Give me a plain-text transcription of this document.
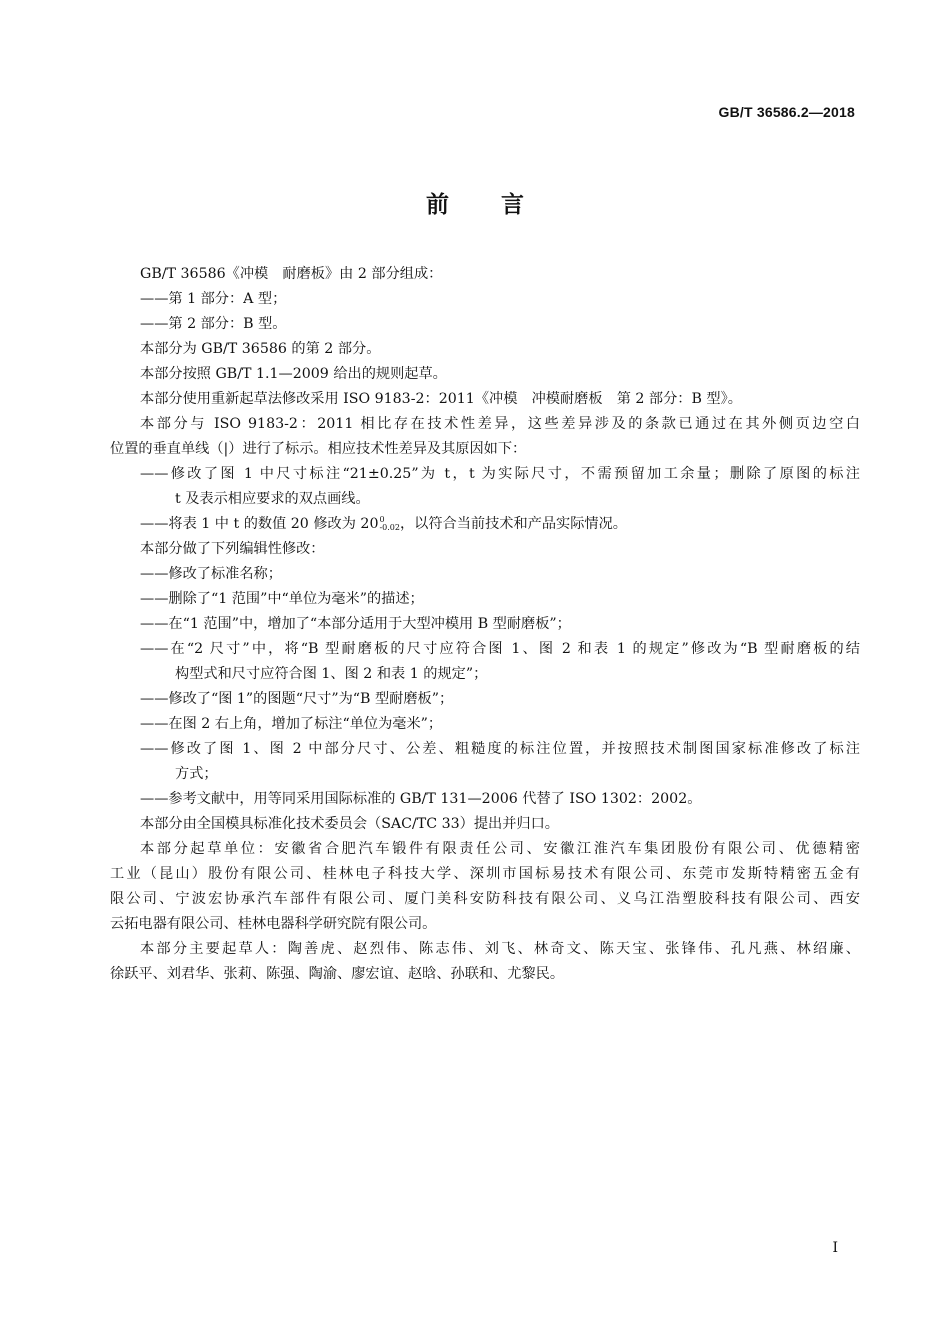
GB/T 36586.2—2018
前言
GB/T 36586《冲模　耐磨板》由 2 部分组成：
——第 1 部分：A 型；
——第 2 部分：B 型。
本部分为 GB/T 36586 的第 2 部分。
本部分按照 GB/T 1.1—2009 给出的规则起草。
本部分使用重新起草法修改采用 ISO 9183-2：2011《冲模　冲模耐磨板　第 2 部分：B 型》。
本部分与 ISO 9183-2：2011 相比存在技术性差异，这些差异涉及的条款已通过在其外侧页边空白
位置的垂直单线（|）进行了标示。相应技术性差异及其原因如下：
——修改了图 1 中尺寸标注“21±0.25”为 t，t 为实际尺寸，不需预留加工余量；删除了原图的标注
t 及表示相应要求的双点画线。
——将表 1 中 t 的数值 20 修改为 20 0
-0.02 ，以符合当前技术和产品实际情况。
本部分做了下列编辑性修改：
——修改了标准名称；
——删除了“1 范围”中“单位为毫米”的描述；
——在“1 范围”中，增加了“本部分适用于大型冲模用 B 型耐磨板”；
——在“2 尺寸”中，将“B 型耐磨板的尺寸应符合图 1、图 2 和表 1 的规定”修改为“B 型耐磨板的结
构型式和尺寸应符合图 1、图 2 和表 1 的规定”；
——修改了“图 1”的图题“尺寸”为“B 型耐磨板”；
——在图 2 右上角，增加了标注“单位为毫米”；
——修改了图 1、图 2 中部分尺寸、公差、粗糙度的标注位置，并按照技术制图国家标准修改了标注
方式；
——参考文献中，用等同采用国际标准的 GB/T 131—2006 代替了 ISO 1302：2002。
本部分由全国模具标准化技术委员会（SAC/TC 33）提出并归口。
本部分起草单位：安徽省合肥汽车锻件有限责任公司、安徽江淮汽车集团股份有限公司、优德精密
工业（昆山）股份有限公司、桂林电子科技大学、深圳市国标易技术有限公司、东莞市发斯特精密五金有
限公司、宁波宏协承汽车部件有限公司、厦门美科安防科技有限公司、义乌江浩塑胶科技有限公司、西安
云拓电器有限公司、桂林电器科学研究院有限公司。
本部分主要起草人：陶善虎、赵烈伟、陈志伟、刘飞、林奇文、陈天宝、张锋伟、孔凡燕、林绍廉、
徐跃平、刘君华、张莉、陈强、陶渝、廖宏谊、赵晗、孙联和、尤黎民。
I
